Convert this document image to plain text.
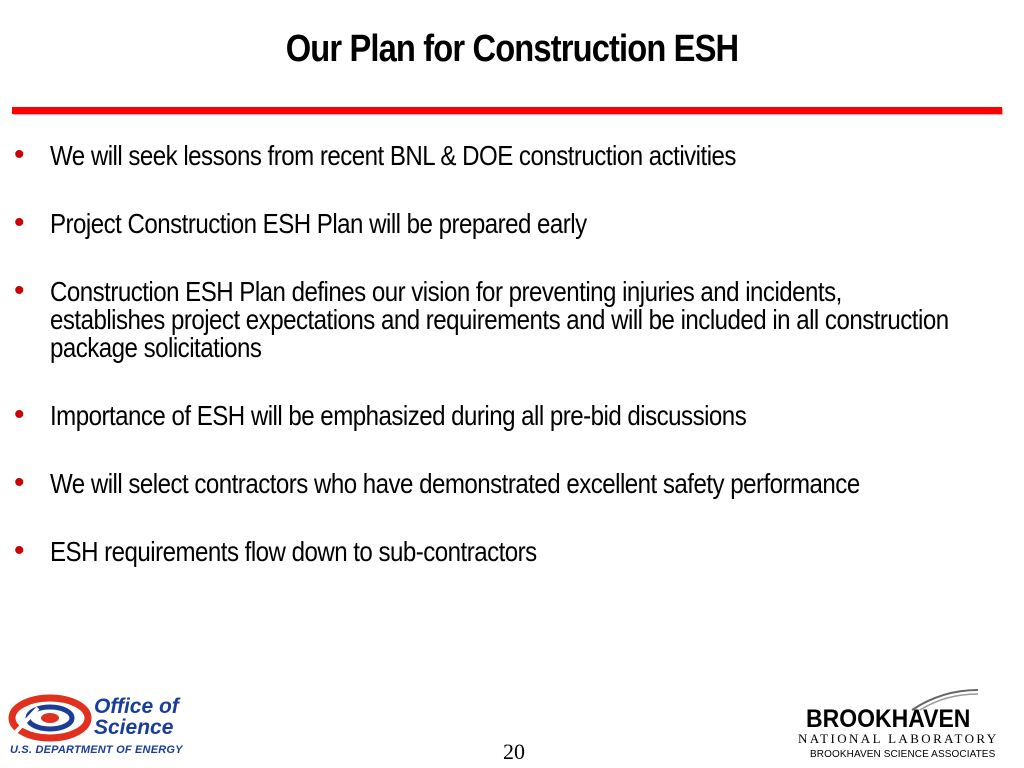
Our Plan for Construction ESH
• We will seek lessons from recent BNL & DOE construction activities
• Project Construction ESH Plan will be prepared early
• Construction ESH Plan defines our vision for preventing injuries and incidents, establishes project expectations and requirements and will be included in all construction package solicitations
• Importance of ESH will be emphasized during all pre-bid discussions
• We will select contractors who have demonstrated excellent safety performance
• ESH requirements flow down to sub-contractors
Office of
Science
U.S. DEPARTMENT OF ENERGY	20
BROOKHAVEN
NATIONAL LABORATORY
BROOKHAVEN SCIENCE ASSOCIATES
